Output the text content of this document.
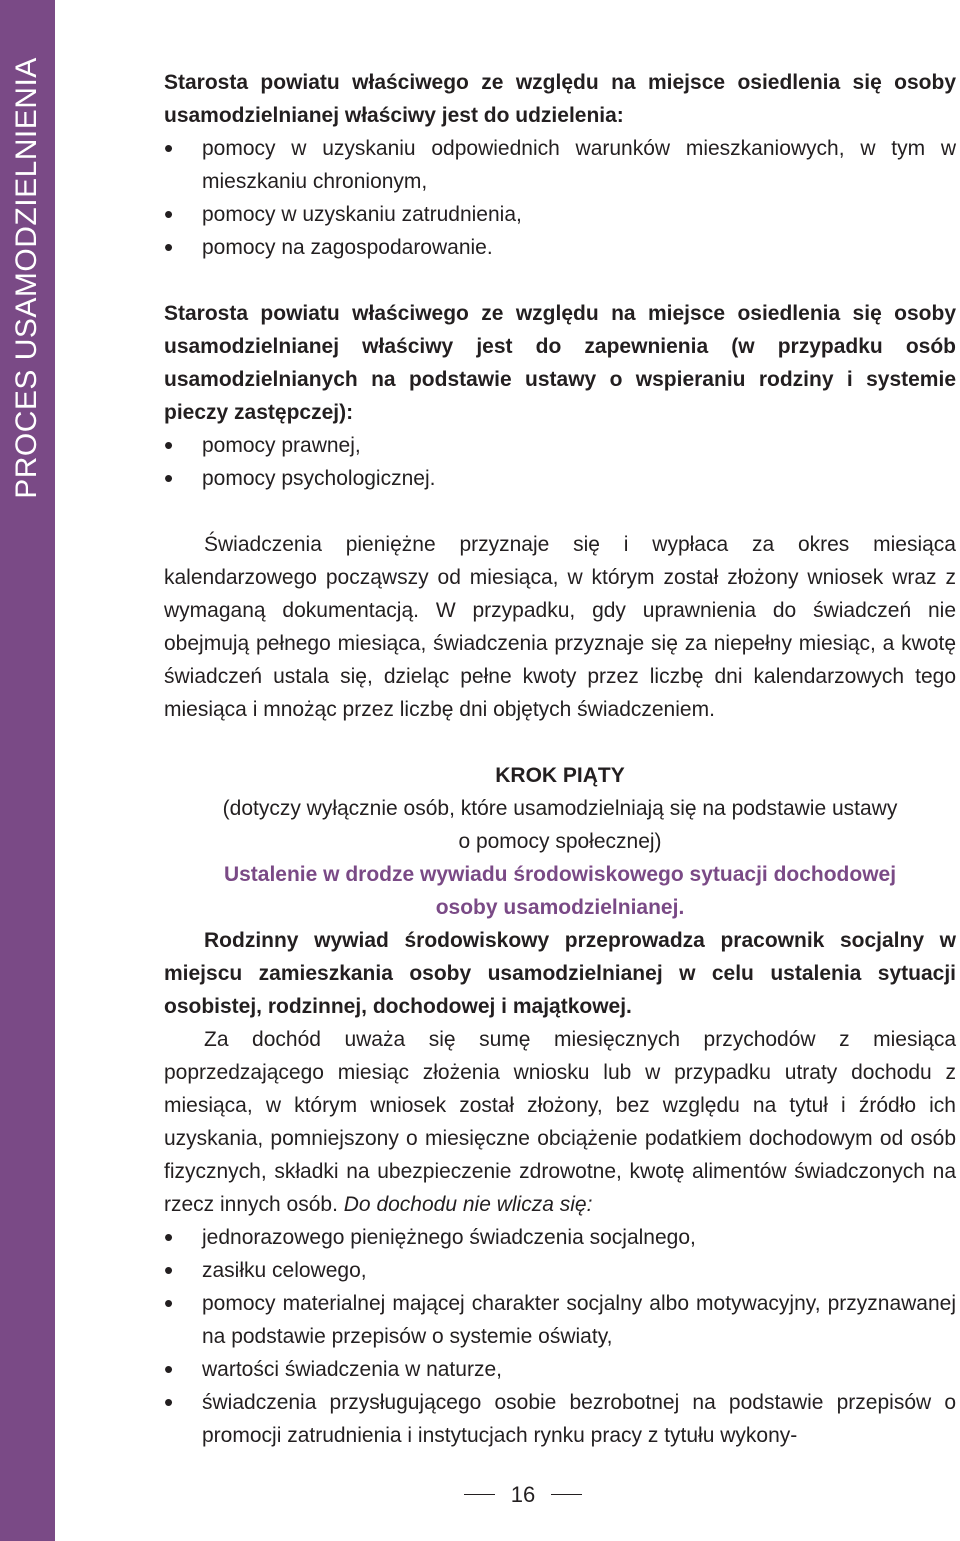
PROCES USAMODZIELNIENIA	Starosta powiatu właściwego ze względu na miejsce osiedlenia się osoby usamodzielnianej właściwy jest do udzielenia:

• pomocy w uzyskaniu odpowiednich warunków mieszkaniowych, w tym w mieszkaniu chronionym,
• pomocy w uzyskaniu zatrudnienia,
• pomocy na zagospodarowanie.

Starosta powiatu właściwego ze względu na miejsce osiedlenia się osoby usamodzielnianej właściwy jest do zapewnienia (w przypadku osób usamodzielnianych na podstawie ustawy o wspieraniu rodziny i systemie pieczy zastępczej):

• pomocy prawnej,
• pomocy psychologicznej.

Świadczenia pieniężne przyznaje się i wypłaca za okres miesiąca kalendarzowego począwszy od miesiąca, w którym został złożony wniosek wraz z wymaganą dokumentacją. W przypadku, gdy uprawnienia do świadczeń nie obejmują pełnego miesiąca, świadczenia przyznaje się za niepełny miesiąc, a kwotę świadczeń ustala się, dzieląc pełne kwoty przez liczbę dni kalendarzowych tego miesiąca i mnożąc przez liczbę dni objętych świadczeniem.

KROK PIĄTY

(dotyczy wyłącznie osób, które usamodzielniają się na podstawie ustawy

o pomocy społecznej)

Ustalenie w drodze wywiadu środowiskowego sytuacji dochodowej

osoby usamodzielnianej.

Rodzinny wywiad środowiskowy przeprowadza pracownik socjalny w miejscu zamieszkania osoby usamodzielnianej w celu ustalenia sytuacji osobistej, rodzinnej, dochodowej i majątkowej.

Za dochód uważa się sumę miesięcznych przychodów z miesiąca poprzedzającego miesiąc złożenia wniosku lub w przypadku utraty dochodu z miesiąca, w którym wniosek został złożony, bez względu na tytuł i źródło ich uzyskania, pomniejszony o miesięczne obciążenie podatkiem dochodowym od osób fizycznych, składki na ubezpieczenie zdrowotne, kwotę alimentów świadczonych na rzecz innych osób. Do dochodu nie wlicza się:

• jednorazowego pieniężnego świadczenia socjalnego,
• zasiłku celowego,
• pomocy materialnej mającej charakter socjalny albo motywacyjny, przyznawanej na podstawie przepisów o systemie oświaty,
• wartości świadczenia w naturze,
• świadczenia przysługującego osobie bezrobotnej na podstawie przepisów o promocji zatrudnienia i instytucjach rynku pracy z tytułu wykony-
16
